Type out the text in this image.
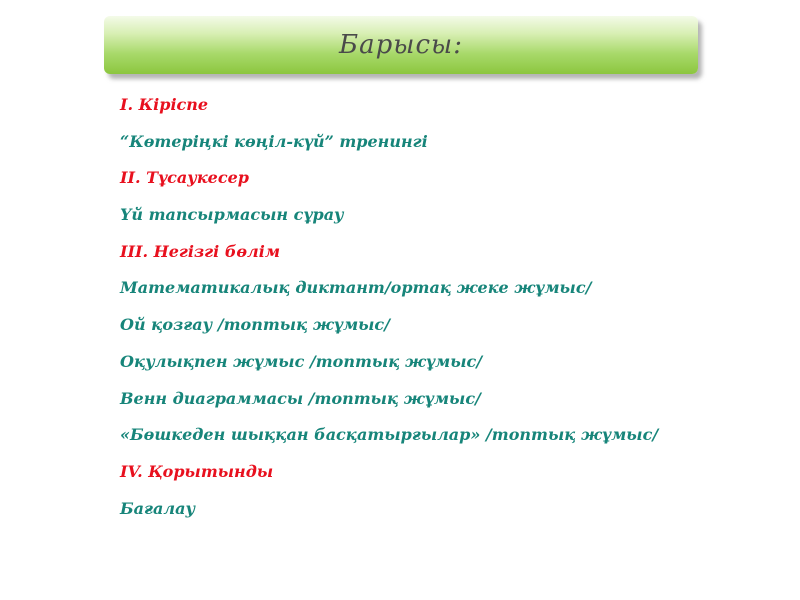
Барысы:
I. Кіріспе
“Көтеріңкі көңіл-күй” тренингі
II. Тұсаукесер
Үй тапсырмасын сұрау
III. Негізгі бөлім
Математикалық диктант/ортақ жеке жұмыс/
Ой қозғау /топтық жұмыс/
Оқулықпен жұмыс /топтық жұмыс/
Венн диаграммасы /топтық жұмыс/
«Бөшкеден шыққан басқатырғылар» /топтық жұмыс/
IV. Қорытынды
Бағалау
